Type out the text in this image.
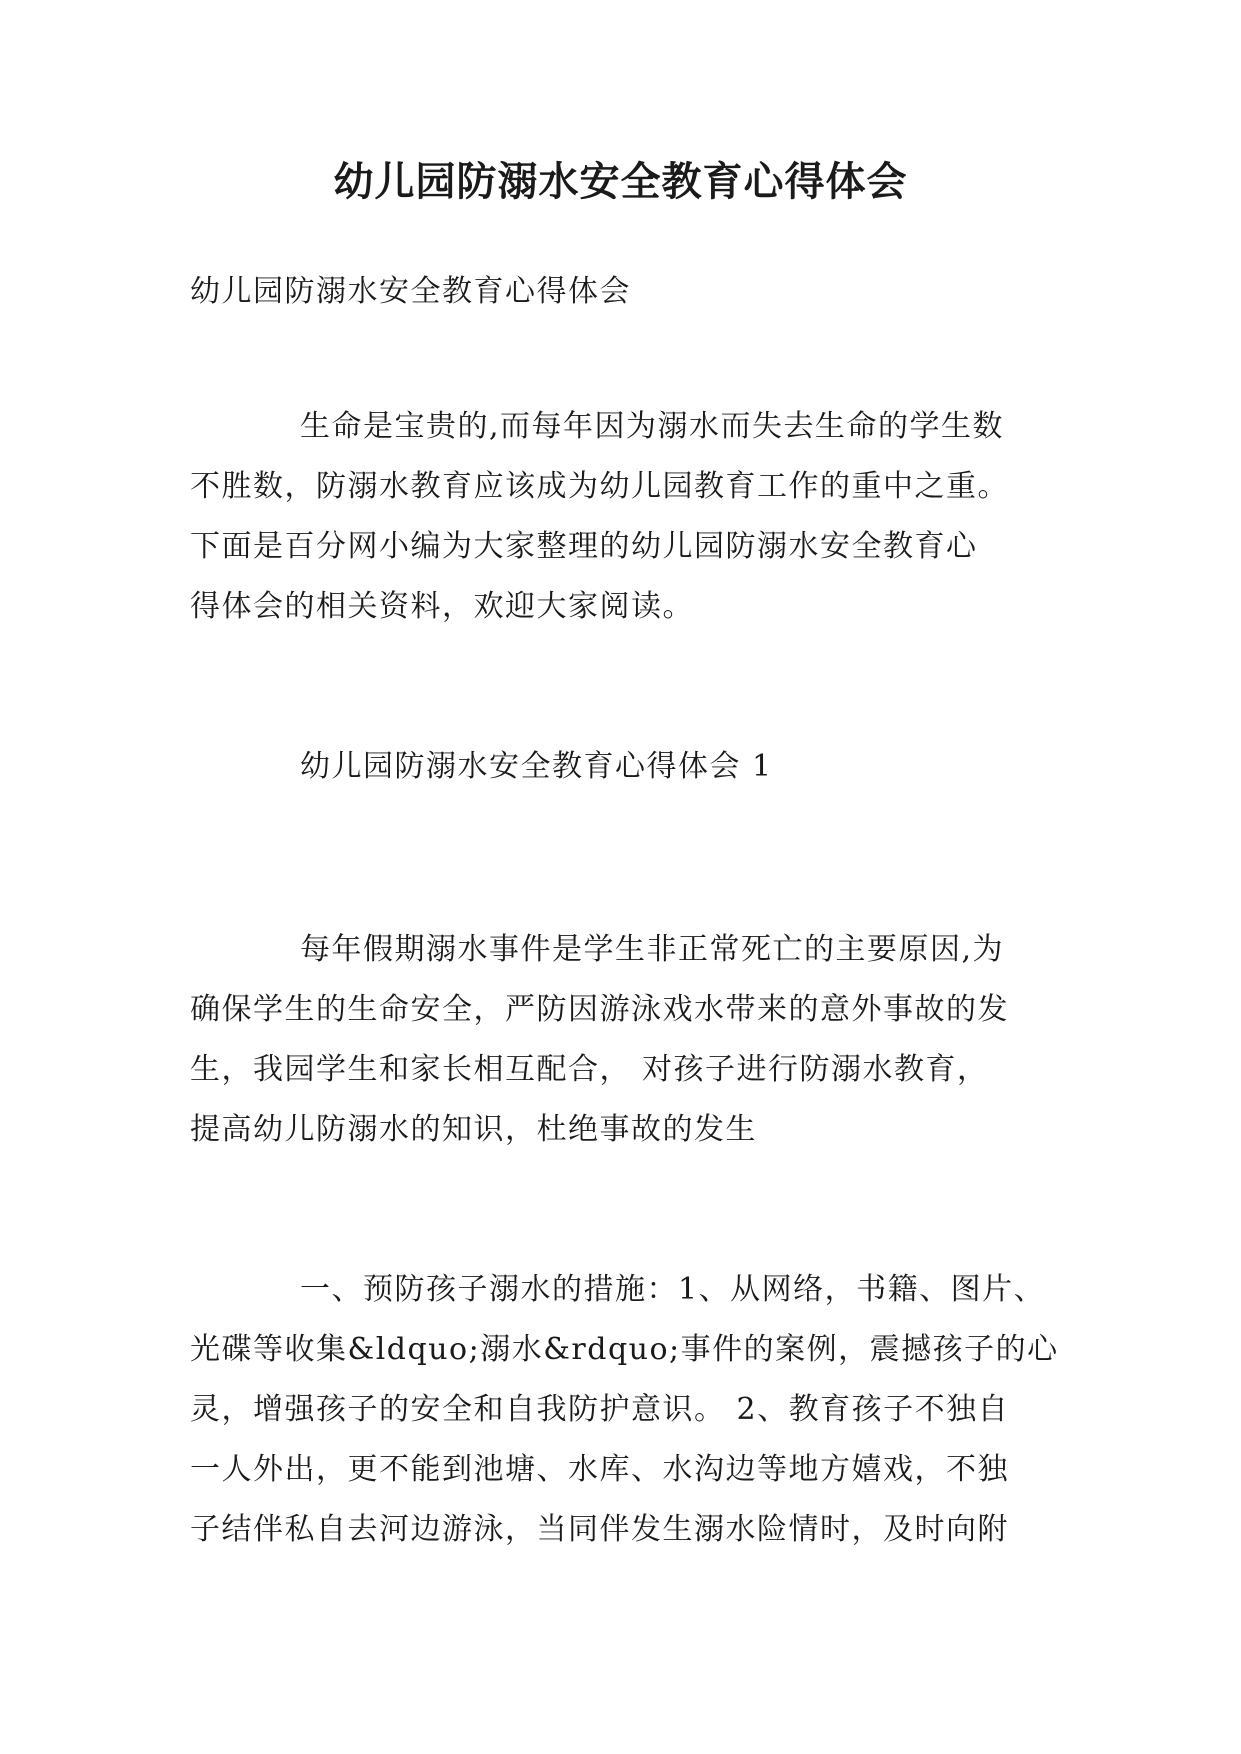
幼儿园防溺水安全教育心得体会

幼儿园防溺水安全教育心得体会

生命是宝贵的,而每年因为溺水而失去生命的学生数
不胜数，防溺水教育应该成为幼儿园教育工作的重中之重。
下面是百分网小编为大家整理的幼儿园防溺水安全教育心
得体会的相关资料，欢迎大家阅读。

幼儿园防溺水安全教育心得体会 1

每年假期溺水事件是学生非正常死亡的主要原因,为
确保学生的生命安全，严防因游泳戏水带来的意外事故的发
生，我园学生和家长相互配合， 对孩子进行防溺水教育，
提高幼儿防溺水的知识，杜绝事故的发生

一、预防孩子溺水的措施：1、从网络，书籍、图片、
光碟等收集&ldquo;溺水&rdquo;事件的案例，震撼孩子的心
灵，增强孩子的安全和自我防护意识。 2、教育孩子不独自
一人外出，更不能到池塘、水库、水沟边等地方嬉戏，不独
子结伴私自去河边游泳，当同伴发生溺水险情时，及时向附
